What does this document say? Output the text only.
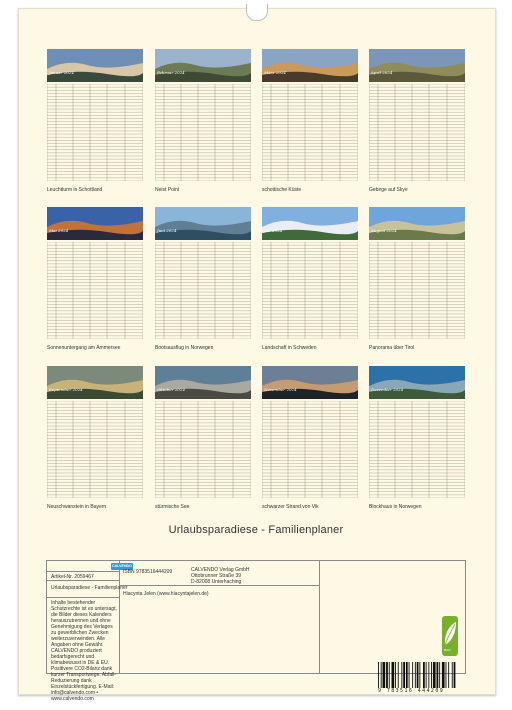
Januar 2024
Leuchtturm in Schottland
Februar 2024
Neist Point
März 2024
schottische Küste
April 2024
Gebirge auf Skye
Mai 2024
Sonnenuntergang am Ammersee
Juni 2024
Bootsausflug in Norwegen
Juli 2024
Landschaft in Schweden
August 2024
Panorama über Tirol
September 2024
Neuschwanstein in Bayern
Oktober 2024
stürmische See
November 2024
schwarzer Strand von Vik
Dezember 2024
Blockhaus in Norwegen
Urlaubsparadiese - Familienplaner
Artikel-Nr. 2059467
CALVENDO
Urlaubsparadiese - Familienplaner
Inhalte bestehender Schutzrechte ist es untersagt, die Bilder dieses Kalenders herauszutrennen und ohne Genehmigung des Verlages zu gewerblichen Zwecken weiterzuverwenden. Alle Angaben ohne Gewähr. CALVENDO produziert bedarfsgerecht und klimabewusst in DE & EU. Positivere CO2-Bilanz dank kurzer Transportwege. Abfall-Reduzierung dank Einzelstückfertigung. E-Mail: info@calvendo.com • www.calvendo.com
ISBN 9783516444209	CALVENDO Verlag GmbH
Ottobrunner Straße 39
D-82008 Unterhaching
Hiacynta Jelen (www.hiacyntajelen.de)
eco
9 783516 444209
